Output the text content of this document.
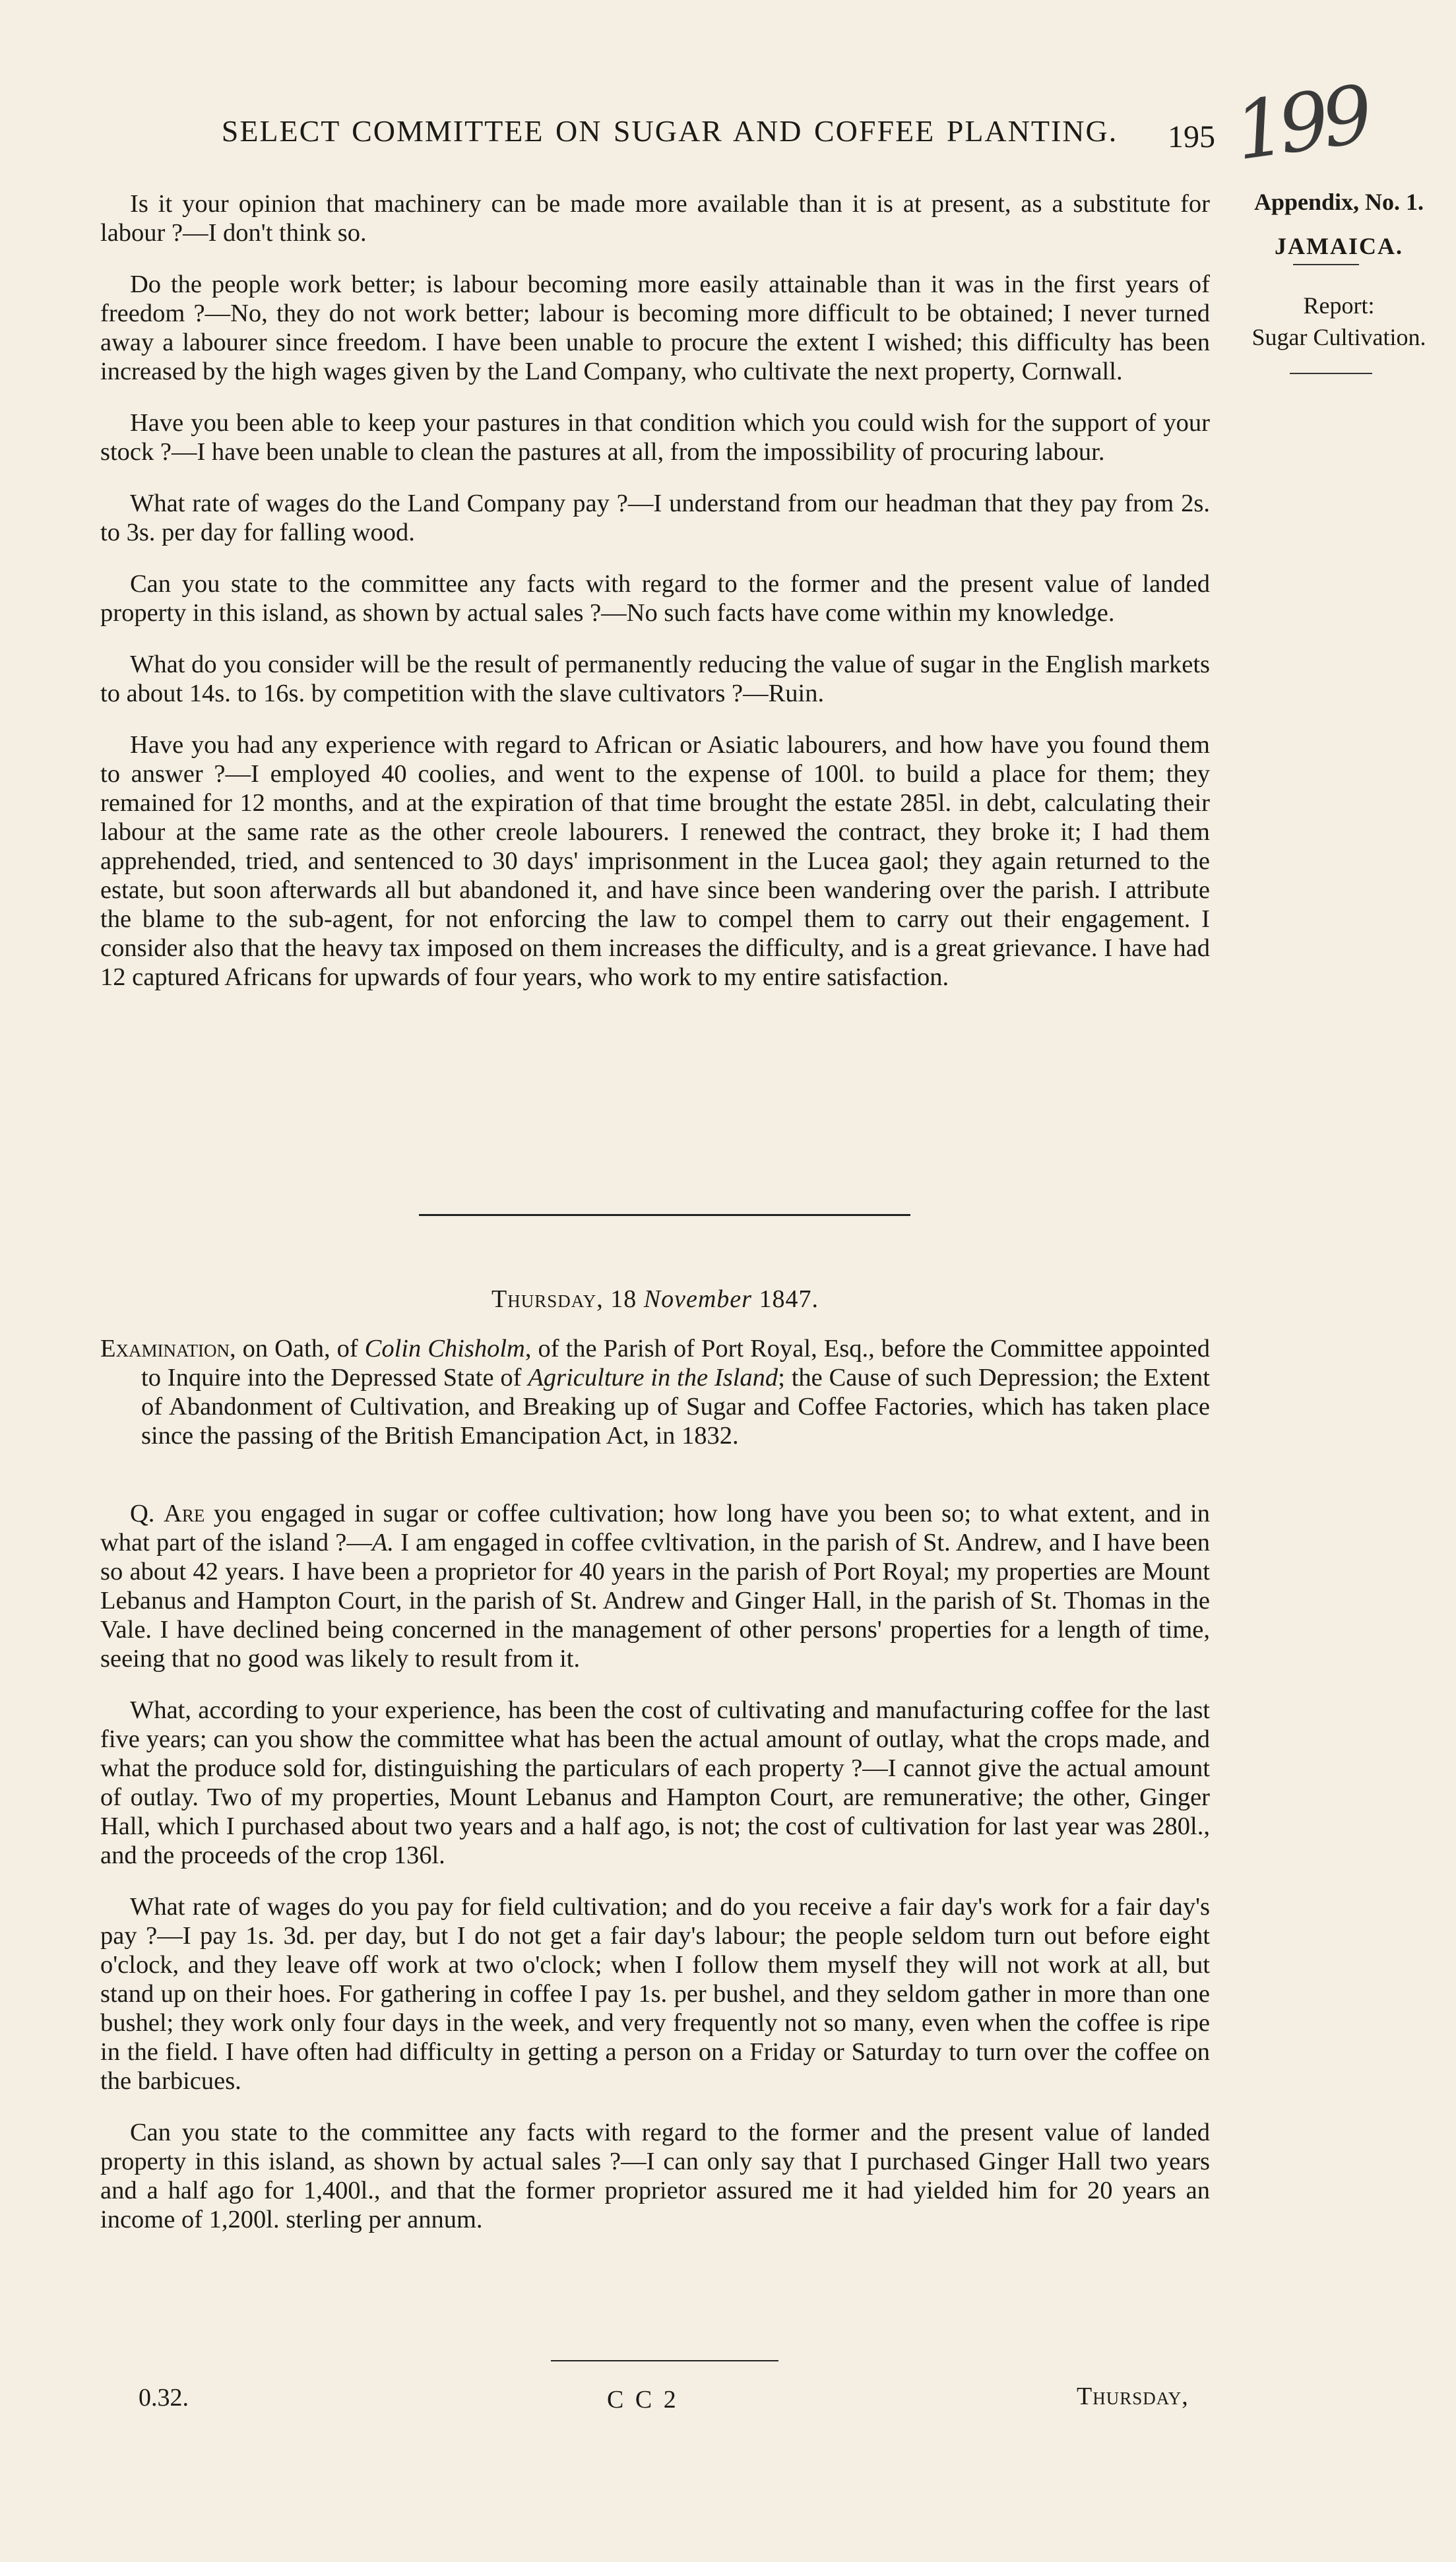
SELECT COMMITTEE ON SUGAR AND COFFEE PLANTING.	195 199
Appendix, No. 1.
JAMAICA.
Report:
Sugar Cultivation.

Is it your opinion that machinery can be made more available than it is at present, as a substitute for labour ?—I don't think so.

Do the people work better; is labour becoming more easily attainable than it was in the first years of freedom ?—No, they do not work better; labour is becoming more difficult to be obtained; I never turned away a labourer since freedom. I have been unable to procure the extent I wished; this difficulty has been increased by the high wages given by the Land Company, who cultivate the next property, Cornwall.

Have you been able to keep your pastures in that condition which you could wish for the support of your stock ?—I have been unable to clean the pastures at all, from the impossibility of procuring labour.

What rate of wages do the Land Company pay ?—I understand from our headman that they pay from 2s. to 3s. per day for falling wood.

Can you state to the committee any facts with regard to the former and the present value of landed property in this island, as shown by actual sales ?—No such facts have come within my knowledge.

What do you consider will be the result of permanently reducing the value of sugar in the English markets to about 14s. to 16s. by competition with the slave cultivators ?—Ruin.

Have you had any experience with regard to African or Asiatic labourers, and how have you found them to answer ?—I employed 40 coolies, and went to the expense of 100l. to build a place for them; they remained for 12 months, and at the expiration of that time brought the estate 285l. in debt, calculating their labour at the same rate as the other creole labourers. I renewed the contract, they broke it; I had them apprehended, tried, and sentenced to 30 days' imprisonment in the Lucea gaol; they again returned to the estate, but soon afterwards all but abandoned it, and have since been wandering over the parish. I attribute the blame to the sub-agent, for not enforcing the law to compel them to carry out their engagement. I consider also that the heavy tax imposed on them increases the difficulty, and is a great grievance. I have had 12 captured Africans for upwards of four years, who work to my entire satisfaction.

Thursday, 18 November 1847.
Examination, on Oath, of Colin Chisholm, of the Parish of Port Royal, Esq., before the Committee appointed to Inquire into the Depressed State of Agriculture in the Island; the Cause of such Depression; the Extent of Abandonment of Cultivation, and Breaking up of Sugar and Coffee Factories, which has taken place since the passing of the British Emancipation Act, in 1832.

Q. Are you engaged in sugar or coffee cultivation; how long have you been so; to what extent, and in what part of the island ?—A. I am engaged in coffee cvltivation, in the parish of St. Andrew, and I have been so about 42 years. I have been a proprietor for 40 years in the parish of Port Royal; my properties are Mount Lebanus and Hampton Court, in the parish of St. Andrew and Ginger Hall, in the parish of St. Thomas in the Vale. I have declined being concerned in the management of other persons' properties for a length of time, seeing that no good was likely to result from it.

What, according to your experience, has been the cost of cultivating and manufacturing coffee for the last five years; can you show the committee what has been the actual amount of outlay, what the crops made, and what the produce sold for, distinguishing the particulars of each property ?—I cannot give the actual amount of outlay. Two of my properties, Mount Lebanus and Hampton Court, are remunerative; the other, Ginger Hall, which I purchased about two years and a half ago, is not; the cost of cultivation for last year was 280l., and the proceeds of the crop 136l.

What rate of wages do you pay for field cultivation; and do you receive a fair day's work for a fair day's pay ?—I pay 1s. 3d. per day, but I do not get a fair day's labour; the people seldom turn out before eight o'clock, and they leave off work at two o'clock; when I follow them myself they will not work at all, but stand up on their hoes. For gathering in coffee I pay 1s. per bushel, and they seldom gather in more than one bushel; they work only four days in the week, and very frequently not so many, even when the coffee is ripe in the field. I have often had difficulty in getting a person on a Friday or Saturday to turn over the coffee on the barbicues.

Can you state to the committee any facts with regard to the former and the present value of landed property in this island, as shown by actual sales ?—I can only say that I purchased Ginger Hall two years and a half ago for 1,400l., and that the former proprietor assured me it had yielded him for 20 years an income of 1,200l. sterling per annum.

0.32.	C C 2	Thursday,
